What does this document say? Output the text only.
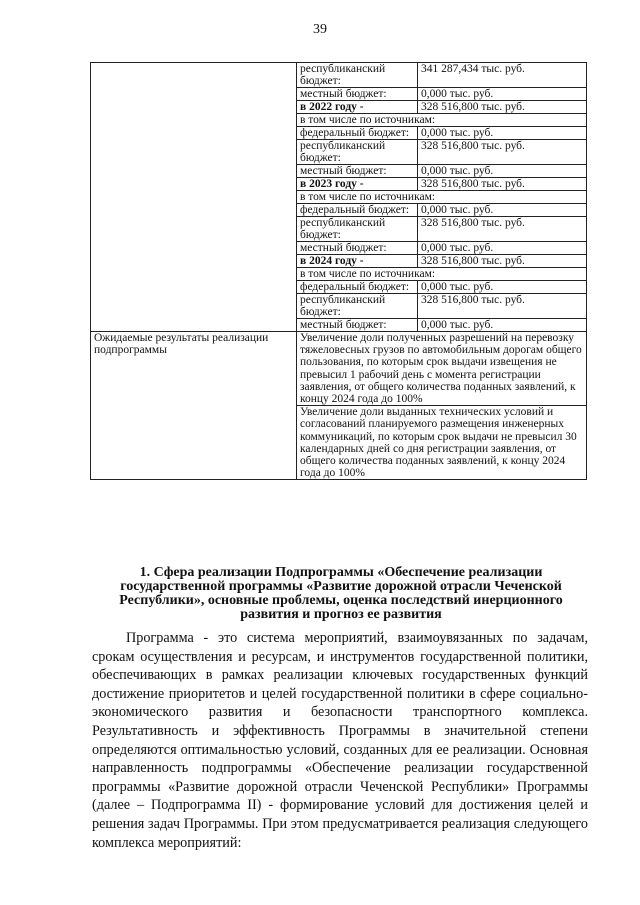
39
	республиканский бюджет:	341 287,434 тыс. руб.
	местный бюджет:	0,000 тыс. руб.
	в 2022 году -	328 516,800 тыс. руб.
	в том числе по источникам:	
	федеральный бюджет:	0,000 тыс. руб.
	республиканский бюджет:	328 516,800 тыс. руб.
	местный бюджет:	0,000 тыс. руб.
	в 2023 году -	328 516,800 тыс. руб.
	в том числе по источникам:	
	федеральный бюджет:	0,000 тыс. руб.
	республиканский бюджет:	328 516,800 тыс. руб.
	местный бюджет:	0,000 тыс. руб.
	в 2024 году -	328 516,800 тыс. руб.
	в том числе по источникам:	
	федеральный бюджет:	0,000 тыс. руб.
	республиканский бюджет:	328 516,800 тыс. руб.
	местный бюджет:	0,000 тыс. руб.
Ожидаемые результаты реализации подпрограммы	Увеличение доли полученных разрешений на перевозку тяжеловесных грузов по автомобильным дорогам общего пользования, по которым срок выдачи извещения не превысил 1 рабочий день с момента регистрации заявления, от общего количества поданных заявлений, к концу 2024 года до 100%	
	Увеличение доли выданных технических условий и согласований планируемого размещения инженерных коммуникаций, по которым срок выдачи не превысил 30 календарных дней со дня регистрации заявления, от общего количества поданных заявлений, к концу 2024 года до 100%	
1. Сфера реализации Подпрограммы «Обеспечение реализации государственной программы «Развитие дорожной отрасли Чеченской Республики», основные проблемы, оценка последствий инерционного развития и прогноз ее развития

Программа - это система мероприятий, взаимоувязанных по задачам, срокам осуществления и ресурсам, и инструментов государственной политики, обеспечивающих в рамках реализации ключевых государственных функций достижение приоритетов и целей государственной политики в сфере социально-экономического развития и безопасности транспортного комплекса. Результативность и эффективность Программы в значительной степени определяются оптимальностью условий, созданных для ее реализации. Основная направленность подпрограммы «Обеспечение реализации государственной программы «Развитие дорожной отрасли Чеченской Республики» Программы (далее – Подпрограмма II) - формирование условий для достижения целей и решения задач Программы. При этом предусматривается реализация следующего комплекса мероприятий:
